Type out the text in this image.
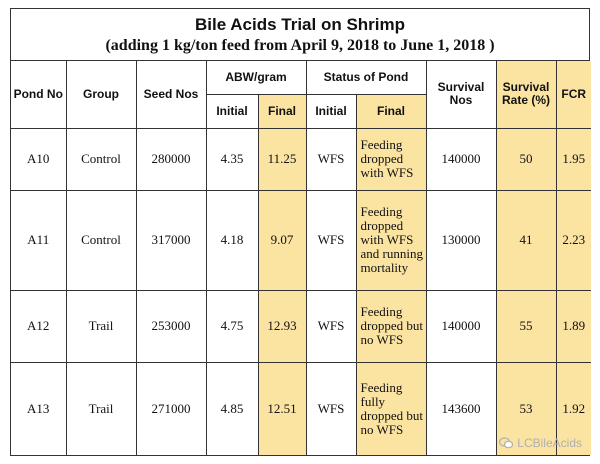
Bile Acids Trial on Shrimp
(adding 1 kg/ton feed from April 9, 2018 to June 1, 2018 )
Pond No	Group	Seed Nos	ABW/gram		Status of Pond		Survival Nos	Survival Rate (%)	FCR
			Initial	Final	Initial	Final			
A10	Control	280000	4.35	11.25	WFS	Feeding dropped with WFS	140000	50	1.95
A11	Control	317000	4.18	9.07	WFS	Feeding dropped with WFS and running mortality	130000	41	2.23
A12	Trail	253000	4.75	12.93	WFS	Feeding dropped but no WFS	140000	55	1.89
A13	Trail	271000	4.85	12.51	WFS	Feeding fully dropped but no WFS	143600	53	1.92
LCBileAcids
